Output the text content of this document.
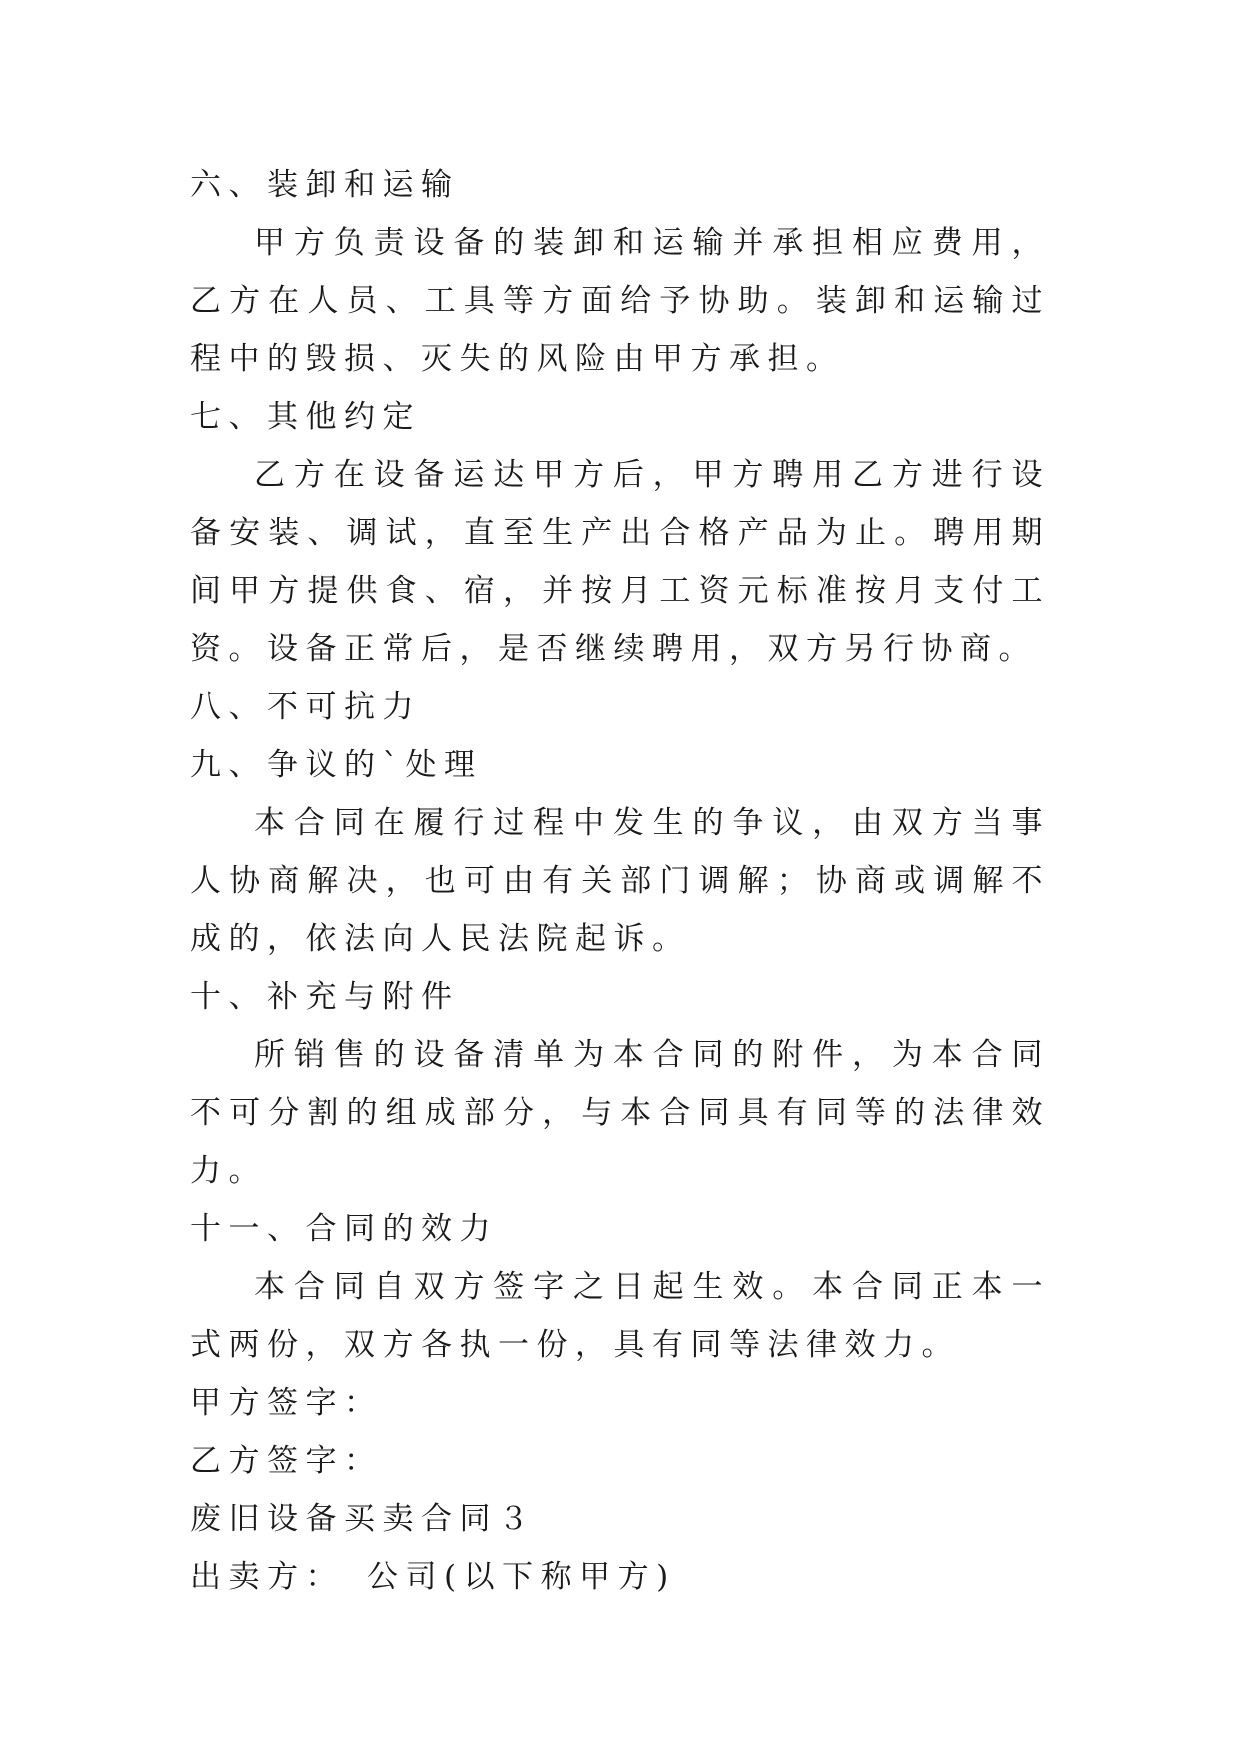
六、装卸和运输

甲方负责设备的装卸和运输并承担相应费用，乙方在人员、工具等方面给予协助。装卸和运输过程中的毁损、灭失的风险由甲方承担。

七、其他约定

乙方在设备运达甲方后，甲方聘用乙方进行设备安装、调试，直至生产出合格产品为止。聘用期间甲方提供食、宿，并按月工资元标准按月支付工资。设备正常后，是否继续聘用，双方另行协商。

八、不可抗力

九、争议的`处理

本合同在履行过程中发生的争议，由双方当事人协商解决，也可由有关部门调解；协商或调解不成的，依法向人民法院起诉。

十、补充与附件

所销售的设备清单为本合同的附件，为本合同不可分割的组成部分，与本合同具有同等的法律效力。

十一、合同的效力

本合同自双方签字之日起生效。本合同正本一式两份，双方各执一份，具有同等法律效力。

甲方签字：

乙方签字：

废旧设备买卖合同３

出卖方：　公司(以下称甲方)
